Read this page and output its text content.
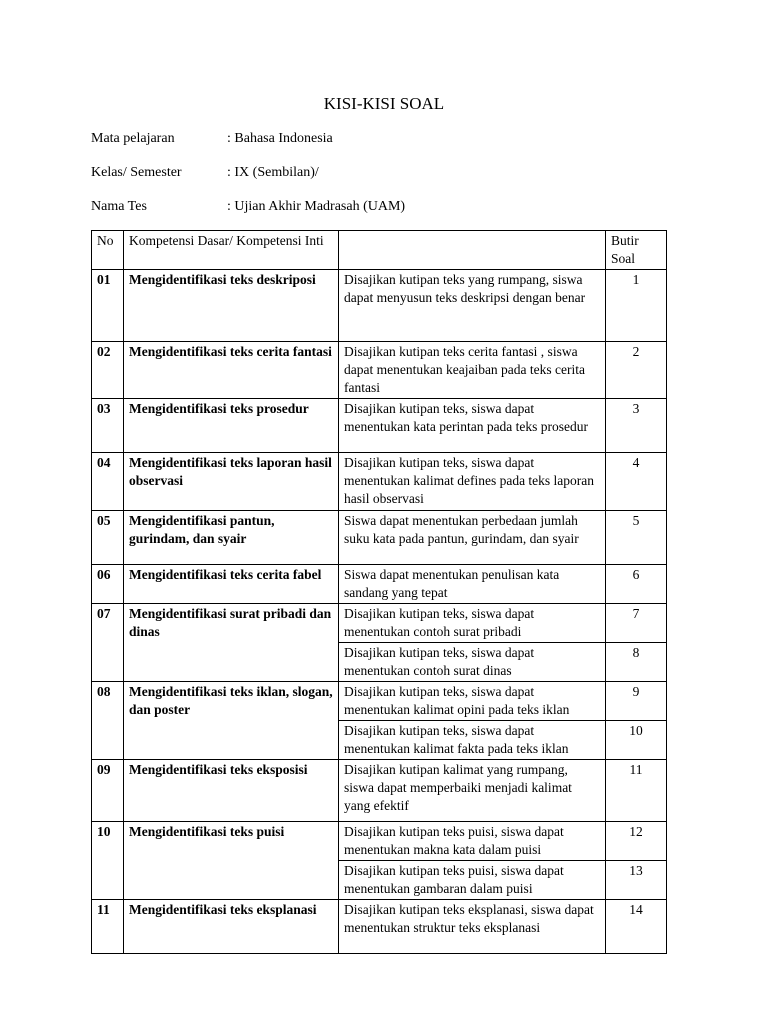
KISI-KISI SOAL
Mata pelajaran	: Bahasa Indonesia
Kelas/ Semester	: IX (Sembilan)/
Nama Tes	: Ujian Akhir Madrasah (UAM)
No	Kompetensi Dasar/ Kompetensi Inti		Butir Soal
01	Mengidentifikasi teks deskriposi	Disajikan kutipan teks yang rumpang, siswa dapat menyusun teks deskripsi dengan benar	1
02	Mengidentifikasi teks cerita fantasi	Disajikan kutipan teks cerita fantasi , siswa dapat menentukan keajaiban pada teks cerita fantasi	2
03	Mengidentifikasi teks prosedur	Disajikan kutipan teks, siswa dapat menentukan kata perintan pada teks prosedur	3
04	Mengidentifikasi teks laporan hasil observasi	Disajikan kutipan teks, siswa dapat menentukan kalimat defines pada teks laporan hasil observasi	4
05	Mengidentifikasi pantun, gurindam, dan syair	Siswa dapat menentukan perbedaan jumlah suku kata pada pantun, gurindam, dan syair	5
06	Mengidentifikasi teks cerita fabel	Siswa dapat menentukan penulisan kata sandang yang tepat	6
07	Mengidentifikasi surat pribadi dan dinas	Disajikan kutipan teks, siswa dapat menentukan contoh surat pribadi	7
		Disajikan kutipan teks, siswa dapat menentukan contoh surat dinas	8
08	Mengidentifikasi teks iklan, slogan, dan poster	Disajikan kutipan teks, siswa dapat menentukan kalimat opini pada teks iklan	9
		Disajikan kutipan teks, siswa dapat menentukan kalimat fakta pada teks iklan	10
09	Mengidentifikasi teks eksposisi	Disajikan kutipan kalimat yang rumpang, siswa dapat memperbaiki menjadi kalimat yang efektif	11
10	Mengidentifikasi teks puisi	Disajikan kutipan teks puisi, siswa dapat menentukan makna kata dalam puisi	12
		Disajikan kutipan teks puisi, siswa dapat menentukan gambaran dalam puisi	13
11	Mengidentifikasi teks eksplanasi	Disajikan kutipan teks eksplanasi, siswa dapat menentukan struktur teks eksplanasi	14
